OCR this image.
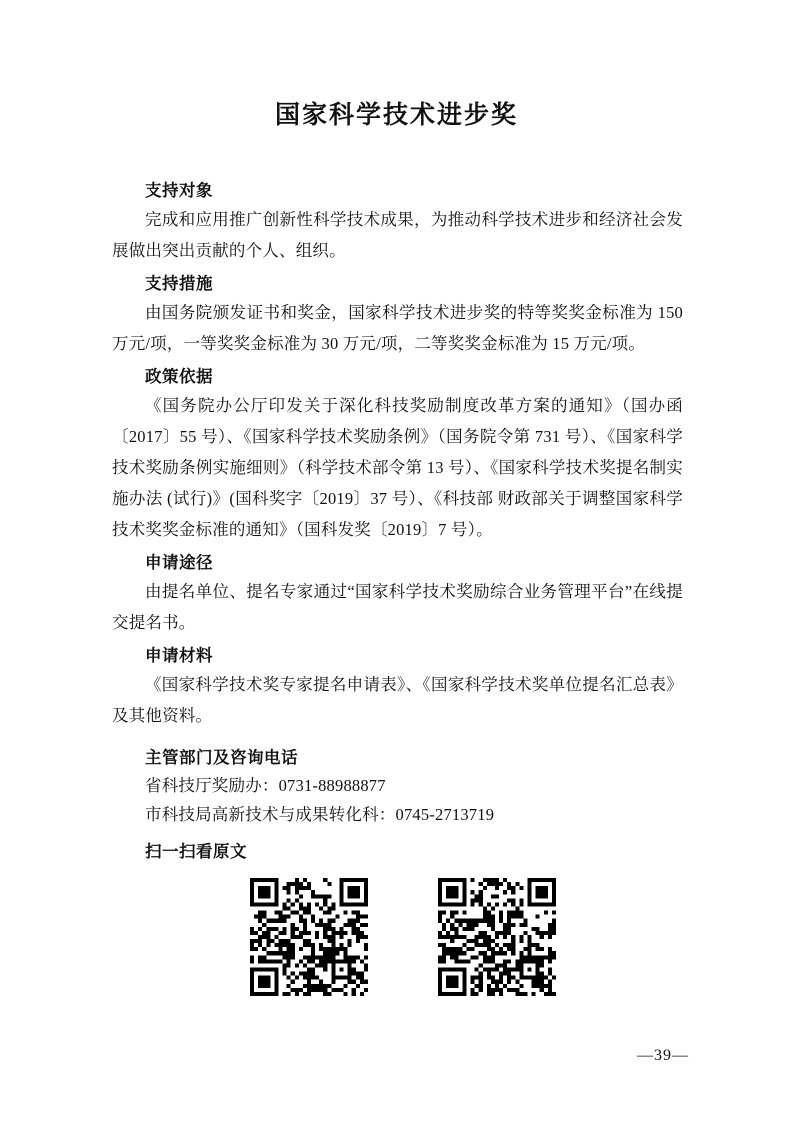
国家科学技术进步奖
支持对象

完成和应用推广创新性科学技术成果，为推动科学技术进步和经济社会发展做出突出贡献的个人、组织。

支持措施

由国务院颁发证书和奖金，国家科学技术进步奖的特等奖奖金标准为 150 万元/项，一等奖奖金标准为 30 万元/项，二等奖奖金标准为 15 万元/项。

政策依据

《国务院办公厅印发关于深化科技奖励制度改革方案的通知》（国办函〔2017〕55 号）、《国家科学技术奖励条例》（国务院令第 731 号）、《国家科学技术奖励条例实施细则》（科学技术部令第 13 号）、《国家科学技术奖提名制实施办法 (试行)》(国科奖字〔2019〕37 号）、《科技部 财政部关于调整国家科学技术奖奖金标准的通知》（国科发奖〔2019〕7 号）。

申请途径

由提名单位、提名专家通过“国家科学技术奖励综合业务管理平台”在线提交提名书。

申请材料

《国家科学技术奖专家提名申请表》、《国家科学技术奖单位提名汇总表》及其他资料。

主管部门及咨询电话

省科技厅奖励办：0731-88988877

市科技局高新技术与成果转化科：0745-2713719

扫一扫看原文
—39—
